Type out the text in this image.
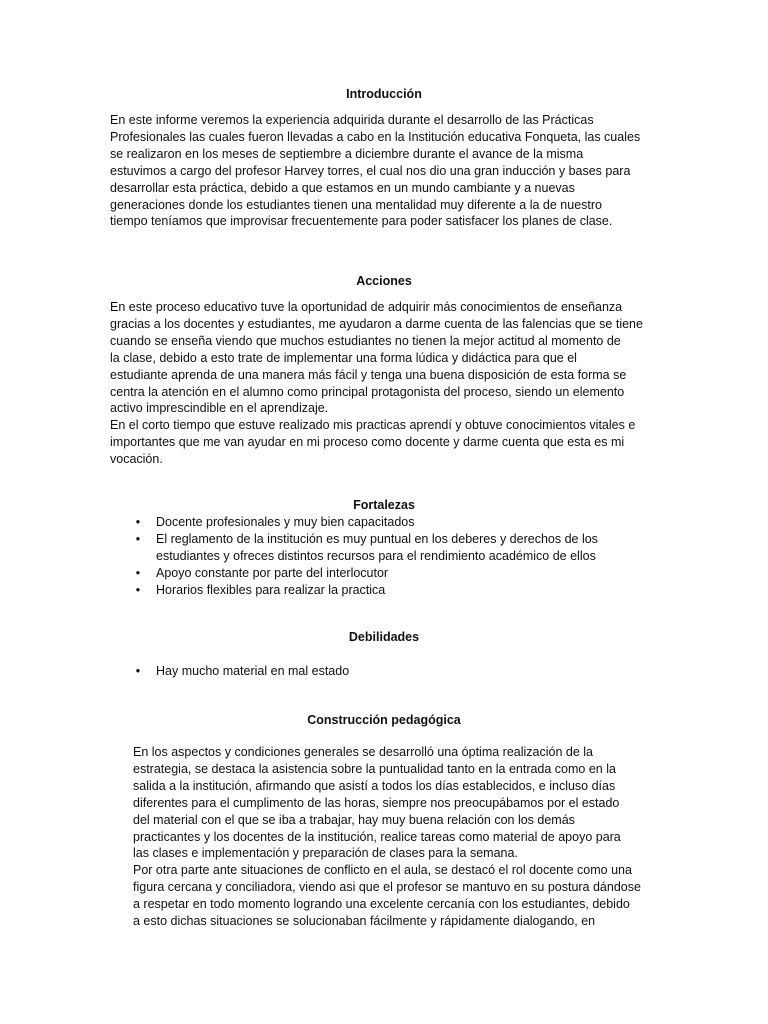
Introducción
En este informe veremos la experiencia adquirida durante el desarrollo de las Prácticas
Profesionales las cuales fueron llevadas a cabo en la Institución educativa Fonqueta, las cuales
se realizaron en los meses de septiembre a diciembre durante el avance de la misma
estuvimos a cargo del profesor Harvey torres, el cual nos dio una gran inducción y bases para
desarrollar esta práctica, debido a que estamos en un mundo cambiante y a nuevas
generaciones donde los estudiantes tienen una mentalidad muy diferente a la de nuestro
tiempo teníamos que improvisar frecuentemente para poder satisfacer los planes de clase.
Acciones
En este proceso educativo tuve la oportunidad de adquirir más conocimientos de enseñanza
gracias a los docentes y estudiantes, me ayudaron a darme cuenta de las falencias que se tiene
cuando se enseña viendo que muchos estudiantes no tienen la mejor actitud al momento de
la clase, debido a esto trate de implementar una forma lúdica y didáctica para que el
estudiante aprenda de una manera más fácil y tenga una buena disposición de esta forma se
centra la atención en el alumno como principal protagonista del proceso, siendo un elemento
activo imprescindible en el aprendizaje.
En el corto tiempo que estuve realizado mis practicas aprendí y obtuve conocimientos vitales e
importantes que me van ayudar en mi proceso como docente y darme cuenta que esta es mi
vocación.
Fortalezas
• Docente profesionales y muy bien capacitados
• El reglamento de la institución es muy puntual en los deberes y derechos de los
estudiantes y ofreces distintos recursos para el rendimiento académico de ellos
• Apoyo constante por parte del interlocutor
• Horarios flexibles para realizar la practica
Debilidades
• Hay mucho material en mal estado
Construcción pedagógica
En los aspectos y condiciones generales se desarrolló una óptima realización de la
estrategia, se destaca la asistencia sobre la puntualidad tanto en la entrada como en la
salida a la institución, afirmando que asistí a todos los días establecidos, e incluso días
diferentes para el cumplimento de las horas, siempre nos preocupábamos por el estado
del material con el que se iba a trabajar, hay muy buena relación con los demás
practicantes y los docentes de la institución, realice tareas como material de apoyo para
las clases e implementación y preparación de clases para la semana.
Por otra parte ante situaciones de conflicto en el aula, se destacó el rol docente como una
figura cercana y conciliadora, viendo asi que el profesor se mantuvo en su postura dándose
a respetar en todo momento logrando una excelente cercanía con los estudiantes, debido
a esto dichas situaciones se solucionaban fácilmente y rápidamente dialogando, en
